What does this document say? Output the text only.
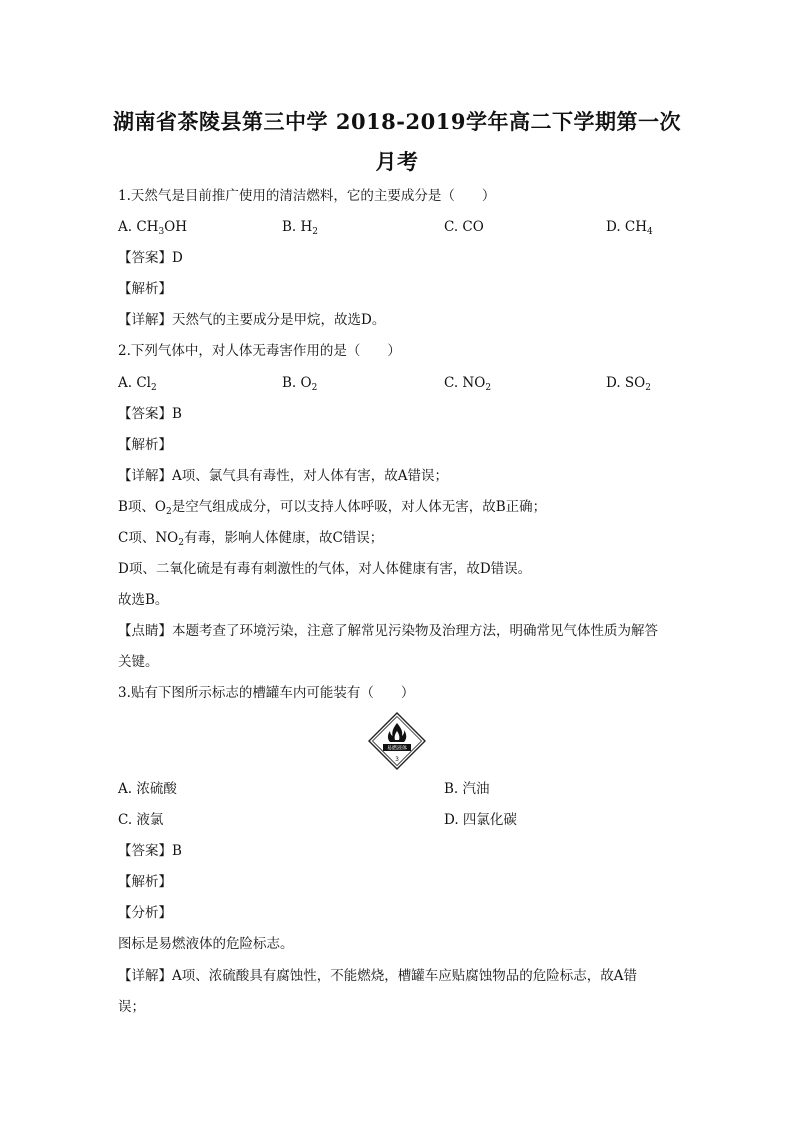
湖南省茶陵县第三中学 2018-2019学年高二下学期第一次
月考
1.天然气是目前推广使用的清洁燃料，它的主要成分是（　　）
A. $CH_3OH$	B. $H_2$	C. CO	D. $CH_4$
【答案】D
【解析】
【详解】天然气的主要成分是甲烷，故选D。
2.下列气体中，对人体无毒害作用的是（　　）
A. $Cl_2$	B. $O_2$	C. $NO_2$	D. $SO_2$
【答案】B
【解析】
【详解】A项、氯气具有毒性，对人体有害，故A错误；
B项、$O_2$是空气组成成分，可以支持人体呼吸，对人体无害，故B正确；
C项、$NO_2$有毒，影响人体健康，故C错误；
D项、二氧化硫是有毒有刺激性的气体，对人体健康有害，故D错误。
故选B。
【点睛】本题考查了环境污染，注意了解常见污染物及治理方法，明确常见气体性质为解答
关键。
3.贴有下图所示标志的槽罐车内可能装有（　　）
易燃液体
3
A. 浓硫酸	B. 汽油
C. 液氯	D. 四氯化碳
【答案】B
【解析】
【分析】
图标是易燃液体的危险标志。
【详解】A项、浓硫酸具有腐蚀性，不能燃烧，槽罐车应贴腐蚀物品的危险标志，故A错
误；
